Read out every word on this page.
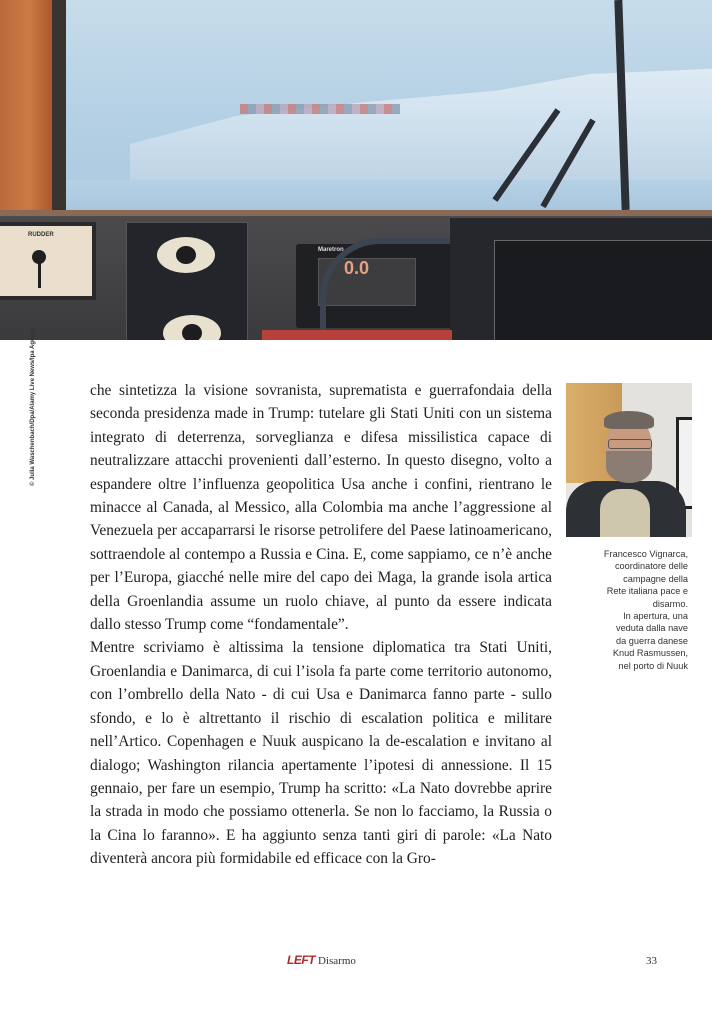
RUDDER
Maretron
0.0
© Julia Waschenbach/Dpa/Alamy Live News/Ipa Agency	che sintetizza la visione sovranista, suprematista e guerrafondaia della seconda presidenza made in Trump: tutelare gli Stati Uniti con un sistema integrato di deterrenza, sorveglianza e difesa missilistica capace di neutralizzare attacchi provenienti dall’esterno. In questo disegno, volto a espandere oltre l’influenza geopolitica Usa anche i confini, rientrano le minacce al Canada, al Messico, alla Colombia ma anche l’aggressione al Venezuela per accaparrarsi le risorse petrolifere del Paese latinoamericano, sottraendole al contempo a Russia e Cina. E, come sappiamo, ce n’è anche per l’Europa, giacché nelle mire del capo dei Maga, la grande isola artica della Groenlandia assume un ruolo chiave, al punto da essere indicata dallo stesso Trump come “fondamentale”.

Mentre scriviamo è altissima la tensione diplomatica tra Stati Uniti, Groenlandia e Danimarca, di cui l’isola fa parte come territorio autonomo, con l’ombrello della Nato - di cui Usa e Danimarca fanno parte - sullo sfondo, e lo è altrettanto il rischio di escalation politica e militare nell’Artico. Copenhagen e Nuuk auspicano la de-escalation e invitano al dialogo; Washington rilancia apertamente l’ipotesi di annessione. Il 15 gennaio, per fare un esempio, Trump ha scritto: «La Nato dovrebbe aprire la strada in modo che possiamo ottenerla. Se non lo facciamo, la Russia o la Cina lo faranno». E ha aggiunto senza tanti giri di parole: «La Nato diventerà ancora più formidabile ed efficace con la Gro-

Francesco Vignarca,
coordinatore delle
campagne della
Rete italiana pace e
disarmo.
In apertura, una
veduta dalla nave
da guerra danese
Knud Rasmussen,
nel porto di Nuuk
LEFT Disarmo	33
